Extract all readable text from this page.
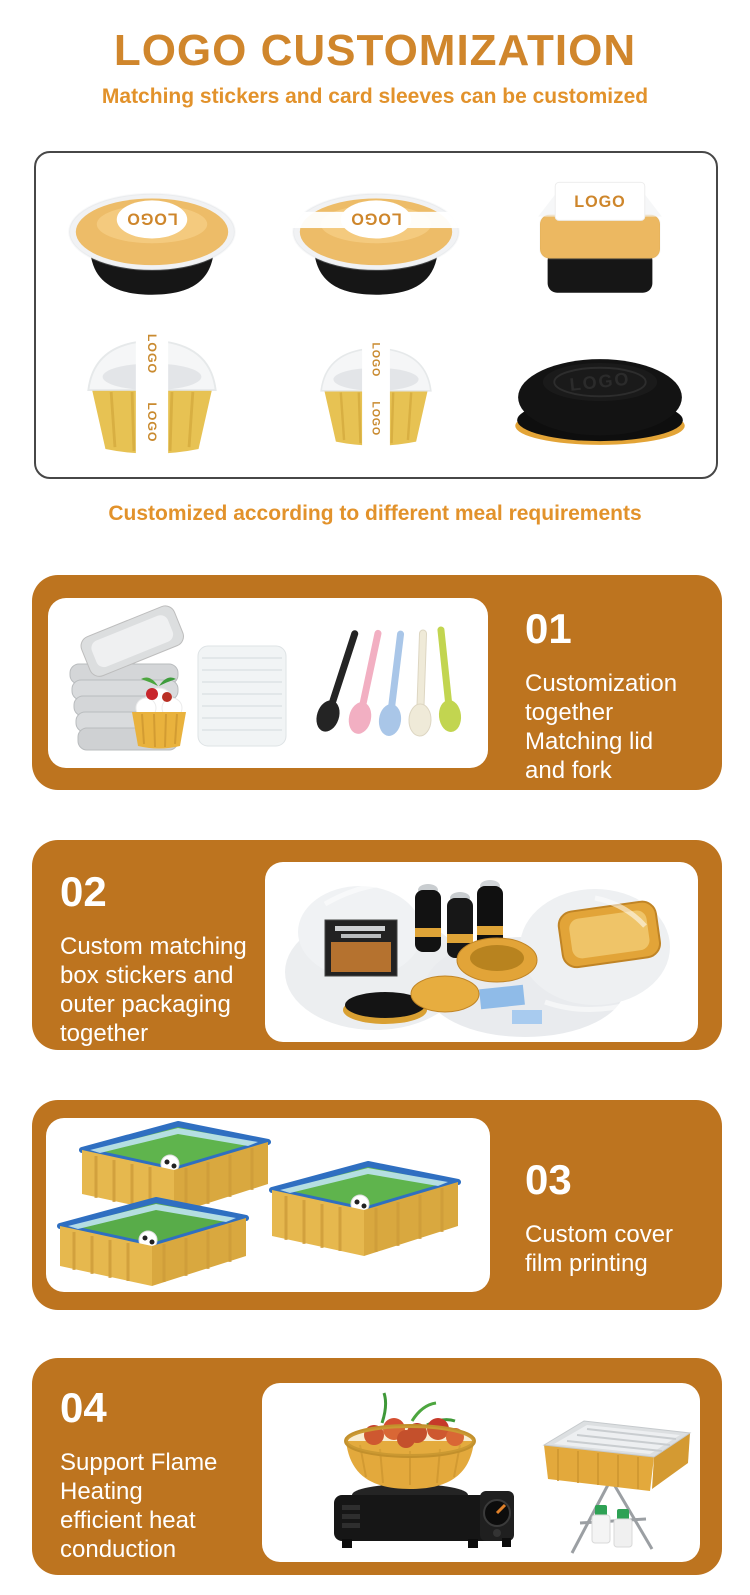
LOGO CUSTOMIZATION
Matching stickers and card sleeves can be customized
LOGO	LOGO
LOGO
LOGO
LOGO
LOGO
LOGO
LOGO
Customized according to different meal requirements
01
Customization
together
Matching lid
and fork
02
Custom matching
box stickers and
outer packaging
together
03
Custom cover
film printing
04
Support Flame
Heating
efficient heat
conduction
